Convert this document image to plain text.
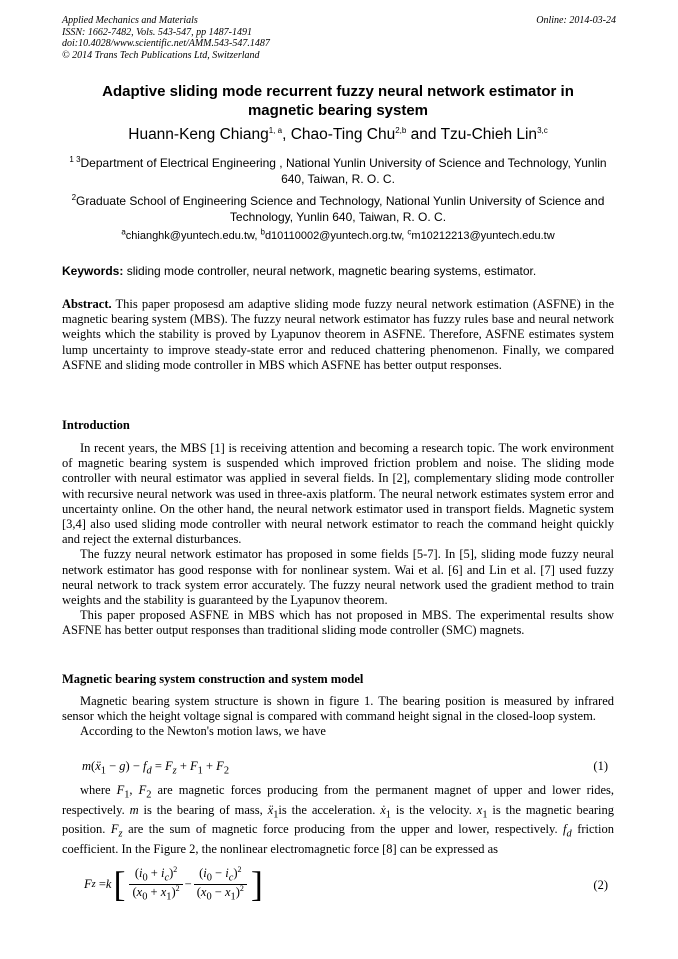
Applied Mechanics and Materials
ISSN: 1662-7482, Vols. 543-547, pp 1487-1491
doi:10.4028/www.scientific.net/AMM.543-547.1487
© 2014 Trans Tech Publications Ltd, Switzerland
Online: 2014-03-24
Adaptive sliding mode recurrent fuzzy neural network estimator in
magnetic bearing system
Huann-Keng Chiang$^{1, a}$, Chao-Ting Chu$^{2,b}$ and Tzu-Chieh Lin$^{3,c}$
$^{1 3}$Department of Electrical Engineering , National Yunlin University of Science and Technology, Yunlin 640, Taiwan, R. O. C.
$^2$Graduate School of Engineering Science and Technology, National Yunlin University of Science and Technology, Yunlin 640, Taiwan, R. O. C.
$^a$chianghk@yuntech.edu.tw, $^b$d10110002@yuntech.org.tw, $^c$m10212213@yuntech.edu.tw
Keywords: sliding mode controller, neural network, magnetic bearing systems, estimator.

Abstract. This paper proposesd am adaptive sliding mode fuzzy neural network estimation (ASFNE) in the magnetic bearing system (MBS). The fuzzy neural network estimator has fuzzy rules base and neural network weights which the stability is proved by Lyapunov theorem in ASFNE. Therefore, ASFNE estimates system lump uncertainty to improve steady-state error and reduced chattering phenomenon. Finally, we compared ASFNE and sliding mode controller in MBS which ASFNE has better output responses.

Introduction

In recent years, the MBS [1] is receiving attention and becoming a research topic. The work environment of magnetic bearing system is suspended which improved friction problem and noise. The sliding mode controller with neural estimator was applied in several fields. In [2], complementary sliding mode controller with recursive neural network was used in three-axis platform. The neural network estimates system error and uncertainty online. On the other hand, the neural network estimator used in transport fields. Magnetic system [3,4] also used sliding mode controller with neural network estimator to reach the command height quickly and reject the external disturbances.

The fuzzy neural network estimator has proposed in some fields [5-7]. In [5], sliding mode fuzzy neural network estimator has good response with for nonlinear system. Wai et al. [6] and Lin et al. [7] used fuzzy neural network to track system error accurately. The fuzzy neural network used the gradient method to train weights and the stability is guaranteed by the Lyapunov theorem.

This paper proposed ASFNE in MBS which has not proposed in MBS. The experimental results show ASFNE has better output responses than traditional sliding mode controller (SMC) magnets.

Magnetic bearing system construction and system model

Magnetic bearing system structure is shown in figure 1. The bearing position is measured by infrared sensor which the height voltage signal is compared with command height signal in the closed-loop system.

According to the Newton's motion laws, we have

m(ẍ$_1$ − $g) - f_d = F_z + F_1 + F_2$	(1)

where $F_1$, $F_2$ are magnetic forces producing from the permanent magnet of upper and lower rides, respectively. m is the bearing of mass, ẍ$_1$is the acceleration. ẋ$_1$ is the velocity. $x_1$ is the magnetic bearing position. $F_z$ are the sum of magnetic force producing from the upper and lower, respectively. $f_d$ friction coefficient. In the Figure 2, the nonlinear electromagnetic force [8] can be expressed as

F z = k [ $\frac{(i_0 + i_c)^2}{(x_0 + x_1)^2} - \frac{(i_0 - i_c)^2}{(x_0 - x_1)^2}$ ]	(2)
